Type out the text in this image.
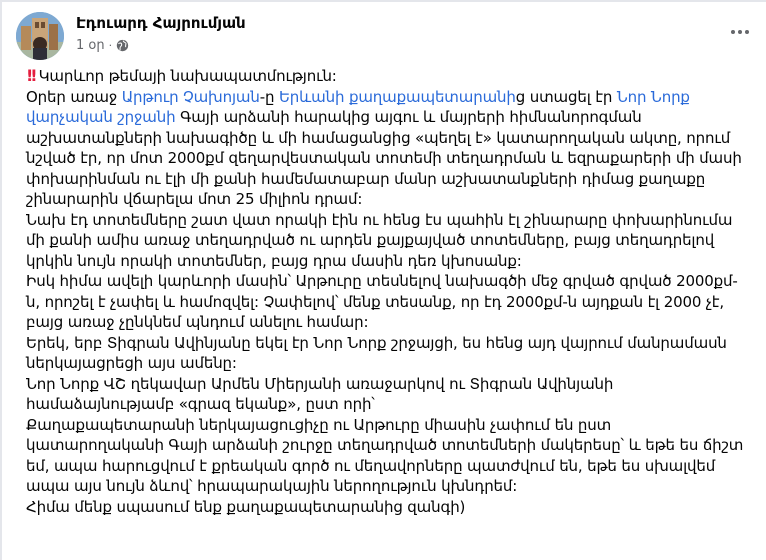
Էդուարդ Հայրումյան
1 օր ·

!! Կարևոր թեմայի նախապատմություն:

Օրեր առաջ Արթուր Չախոյան-ը Երևանի քաղաքապետարանից ստացել էր Նոր Նորք վարչական շրջանի Գայի արձանի հարակից այգու և մայրերի հիմնանորոգման աշխատանքների նախագիծը և մի համացանցից «պեղել է» կատարողական ակտը, որում նշված էր, որ մոտ 2000քմ զեղարվեստական տոտեմի տեղադրման և եզրաքարերի մի մասի փոխարինման ու էլի մի քանի համեմատաբար մանր աշխատանքների դիմաց քաղաքը շինարարին վճարելա մոտ 25 միլիոն դրամ:

Նախ էդ տոտեմները շատ վատ որակի էին ու հենց էս պահին էլ շինարարը փոխարինումա մի քանի ամիս առաջ տեղադրված ու արդեն քայքայված տոտեմները, բայց տեղադրելով կրկին նույն որակի տոտեմներ, բայց դրա մասին դեռ կխոսանք:

Իսկ հիմա ավելի կարևորի մասին՝ Արթուրը տեսնելով նախագծի մեջ գրված գրված 2000քմ-ն, որոշել է չափել և համոզվել: Չափելով՝ մենք տեսանք, որ էդ 2000քմ-ն այդքան էլ 2000 չէ, բայց առաջ չընկնեմ պնդում անելու համար:

Երեկ, երբ Տիգրան Ավինյանը եկել էր Նոր Նորք շրջայցի, ես հենց այդ վայրում մանրամասն ներկայացրեցի այս ամենը:

Նոր Նորք ՎՇ ղեկավար Արմեն Միերյանի առաջարկով ու Տիգրան Ավինյանի համաձայնությամբ «գրազ եկանք», ըստ որի՝

Քաղաքապետարանի ներկայացուցիչը ու Արթուրը միասին չափում են ըստ կատարողականի Գայի արձանի շուրջը տեղադրված տոտեմների մակերեսը՝ և եթե ես ճիշտ եմ, ապա հարուցվում է քրեական գործ ու մեղավորները պատժվում են, եթե ես սխալվեմ ապա այս նույն ձևով՝ հրապարակային ներողություն կխնդրեմ:

Հիմա մենք սպասում ենք քաղաքապետարանից զանգի)
